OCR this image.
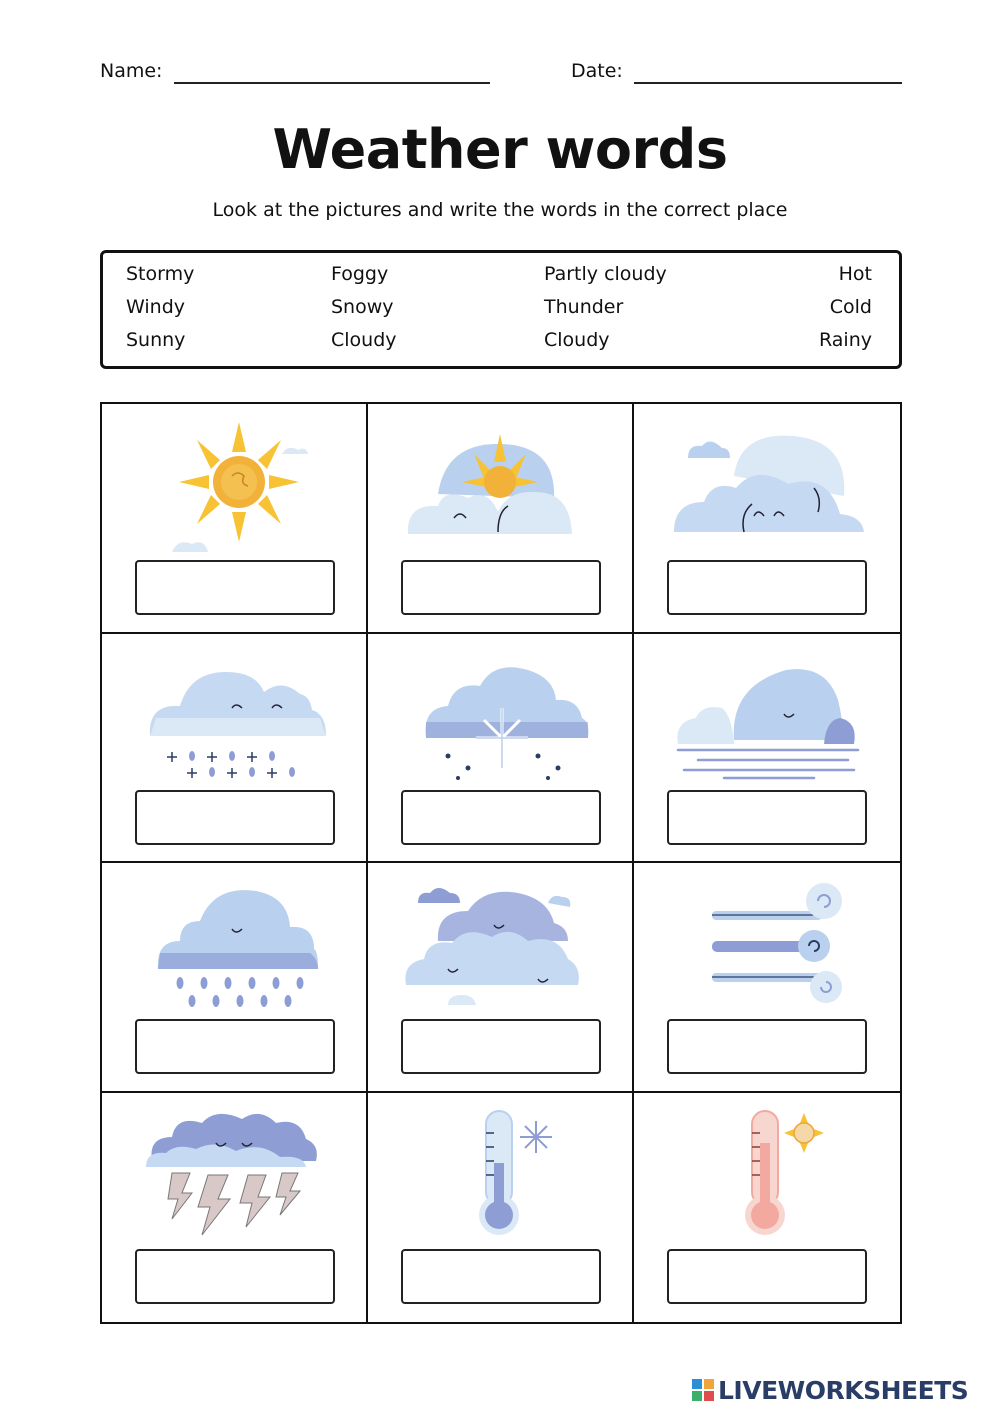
Name:	Date:
Weather words
Look at the pictures and write the words in the correct place
Stormy	Foggy	Partly cloudy	Hot
Windy	Snowy	Thunder	Cold
Sunny	Cloudy	Cloudy	Rainy
LIVEWORKSHEETS
